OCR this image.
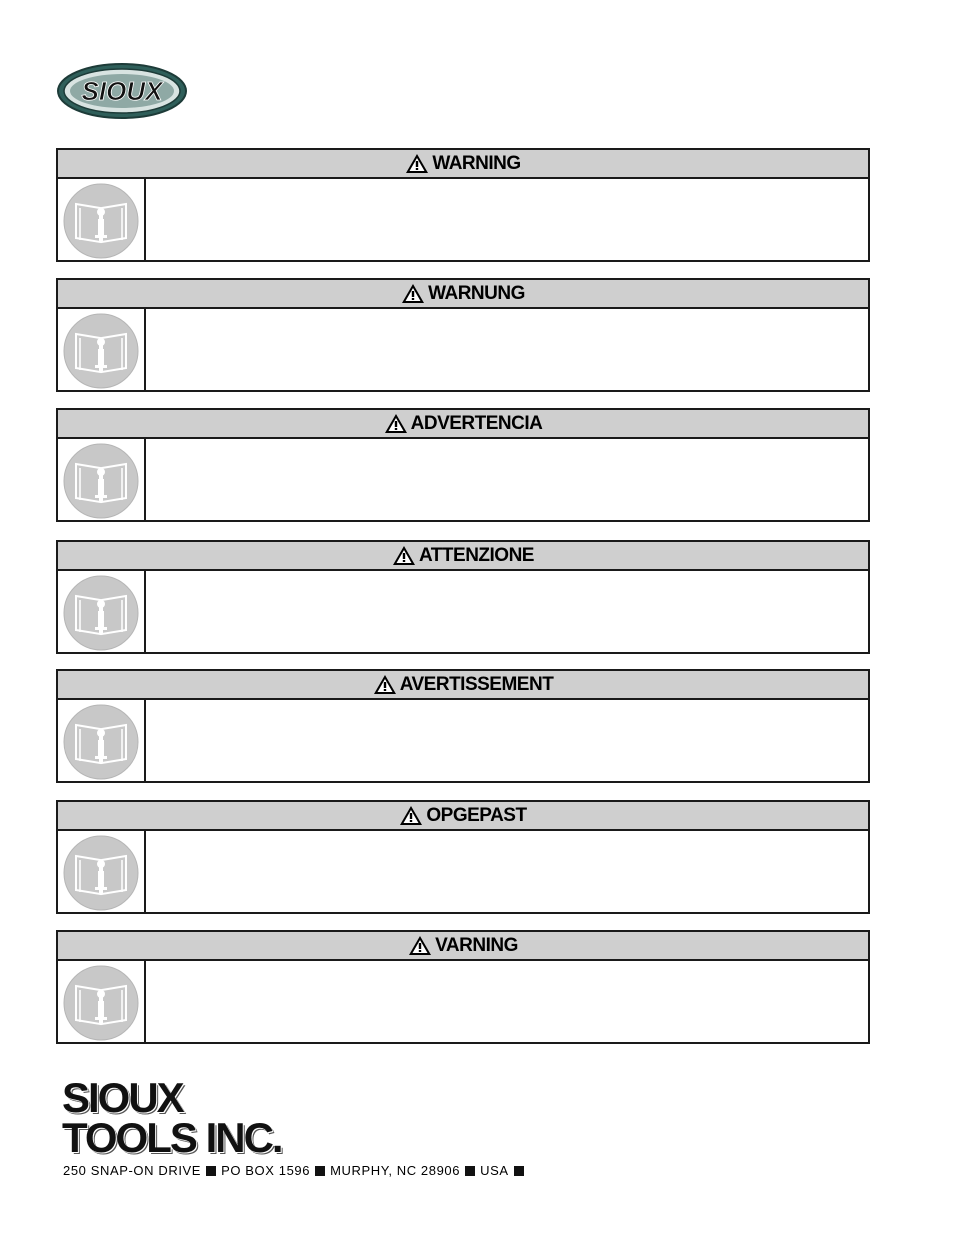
SIOUX
WARNING
WARNUNG
ADVERTENCIA
ATTENZIONE
AVERTISSEMENT
OPGEPAST
VARNING
SIOUX
TOOLS INC.
250 SNAP-ON DRIVE PO BOX 1596 MURPHY, NC 28906 USA
